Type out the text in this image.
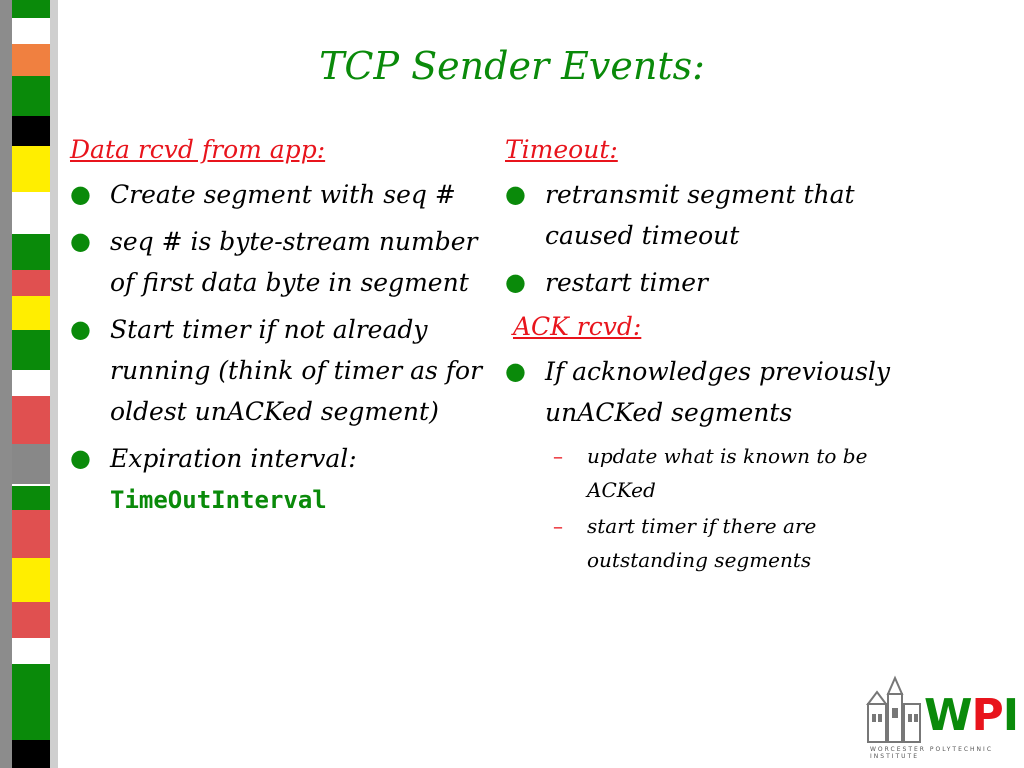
TCP Sender Events:
Data rcvd from app:
● Create segment with seq #
● seq # is byte-stream number of first data byte in segment
● Start timer if not already running (think of timer as for oldest unACKed segment)
● Expiration interval:
TimeOutInterval
Timeout:
● retransmit segment that caused timeout
● restart timer
ACK rcvd:
● If acknowledges previously unACKed segments
– update what is known to be ACKed
– start timer if there are outstanding segments
WPI
WORCESTER POLYTECHNIC INSTITUTE
